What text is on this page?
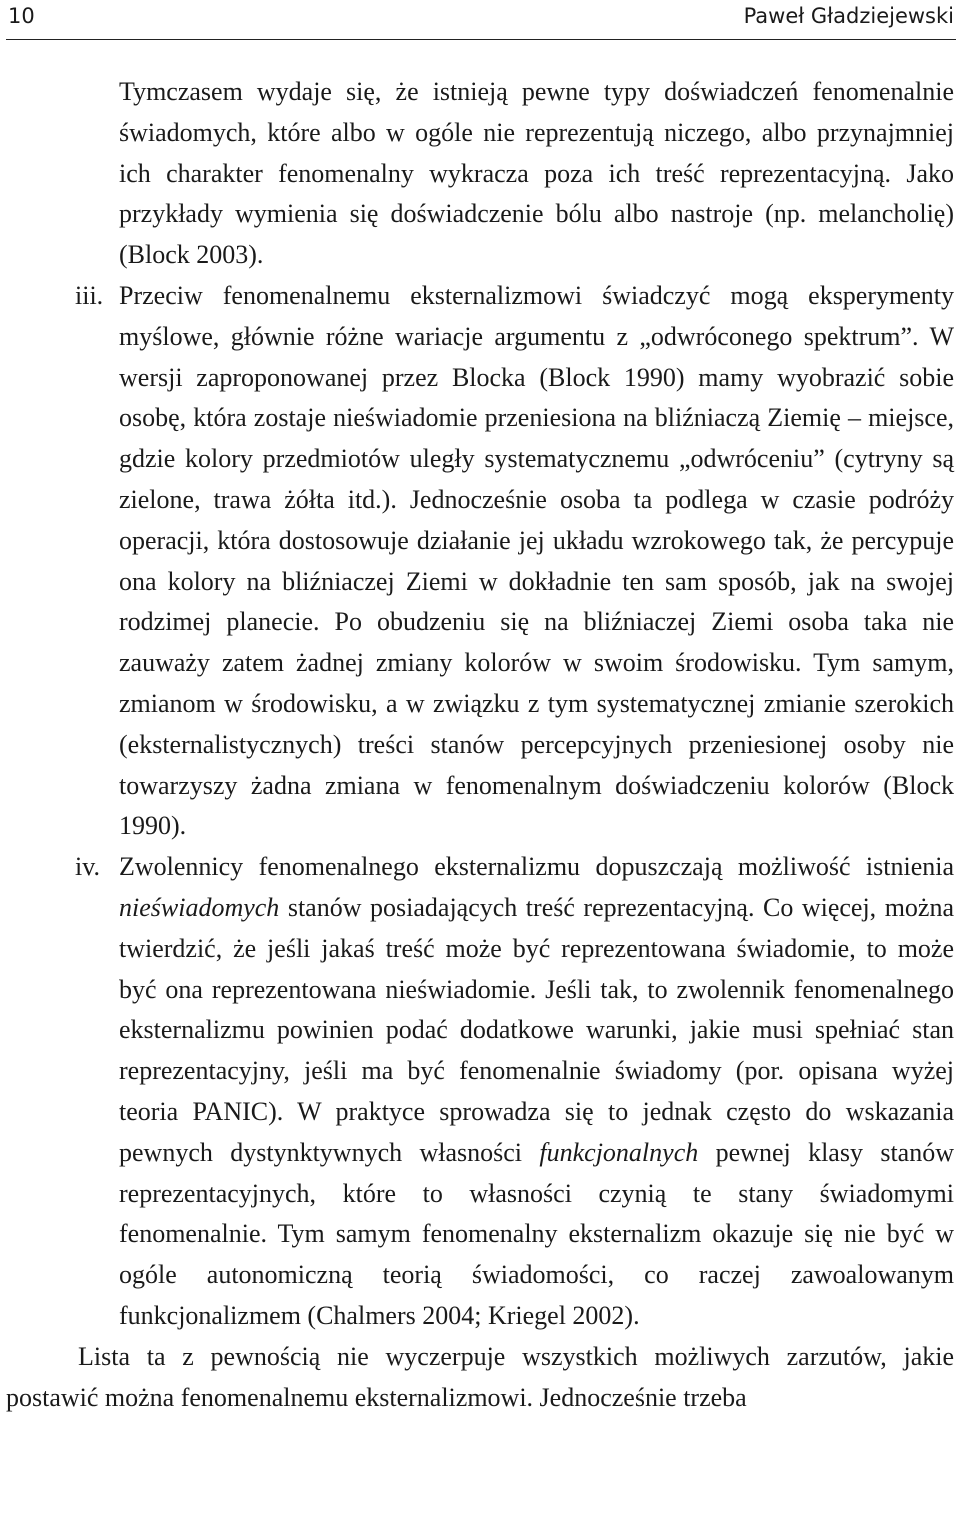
10	Paweł Gładziejewski

Tymczasem wydaje się, że istnieją pewne typy doświadczeń fenomenalnie świadomych, które albo w ogóle nie reprezentują niczego, albo przynajmniej ich charakter fenomenalny wykracza poza ich treść reprezentacyjną. Jako przykłady wymienia się doświadczenie bólu albo nastroje (np. melancholię) (Block 2003).

iii. Przeciw fenomenalnemu eksternalizmowi świadczyć mogą eksperymenty myślowe, głównie różne wariacje argumentu z „odwróconego spektrum”. W wersji zaproponowanej przez Blocka (Block 1990) mamy wyobrazić sobie osobę, która zostaje nieświadomie przeniesiona na bliźniaczą Ziemię – miejsce, gdzie kolory przedmiotów uległy systematycznemu „odwróceniu” (cytryny są zielone, trawa żółta itd.). Jednocześnie osoba ta podlega w czasie podróży operacji, która dostosowuje działanie jej układu wzrokowego tak, że percypuje ona kolory na bliźniaczej Ziemi w dokładnie ten sam sposób, jak na swojej rodzimej planecie. Po obudzeniu się na bliźniaczej Ziemi osoba taka nie zauważy zatem żadnej zmiany kolorów w swoim środowisku. Tym samym, zmianom w środowisku, a w związku z tym systematycznej zmianie szerokich (eksternalistycznych) treści stanów percepcyjnych przeniesionej osoby nie towarzyszy żadna zmiana w fenomenalnym doświadczeniu kolorów (Block 1990).

iv. Zwolennicy fenomenalnego eksternalizmu dopuszczają możliwość istnienia nieświadomych stanów posiadających treść reprezentacyjną. Co więcej, można twierdzić, że jeśli jakaś treść może być reprezentowana świadomie, to może być ona reprezentowana nieświadomie. Jeśli tak, to zwolennik fenomenalnego eksternalizmu powinien podać dodatkowe warunki, jakie musi spełniać stan reprezentacyjny, jeśli ma być fenomenalnie świadomy (por. opisana wyżej teoria PANIC). W praktyce sprowadza się to jednak często do wskazania pewnych dystynktywnych własności funkcjonalnych pewnej klasy stanów reprezentacyjnych, które to własności czynią te stany świadomymi fenomenalnie. Tym samym fenomenalny eksternalizm okazuje się nie być w ogóle autonomiczną teorią świadomości, co raczej zawoalowanym funkcjonalizmem (Chalmers 2004; Kriegel 2002).

Lista ta z pewnością nie wyczerpuje wszystkich możliwych zarzutów, jakie postawić można fenomenalnemu eksternalizmowi. Jednocześnie trzeba
